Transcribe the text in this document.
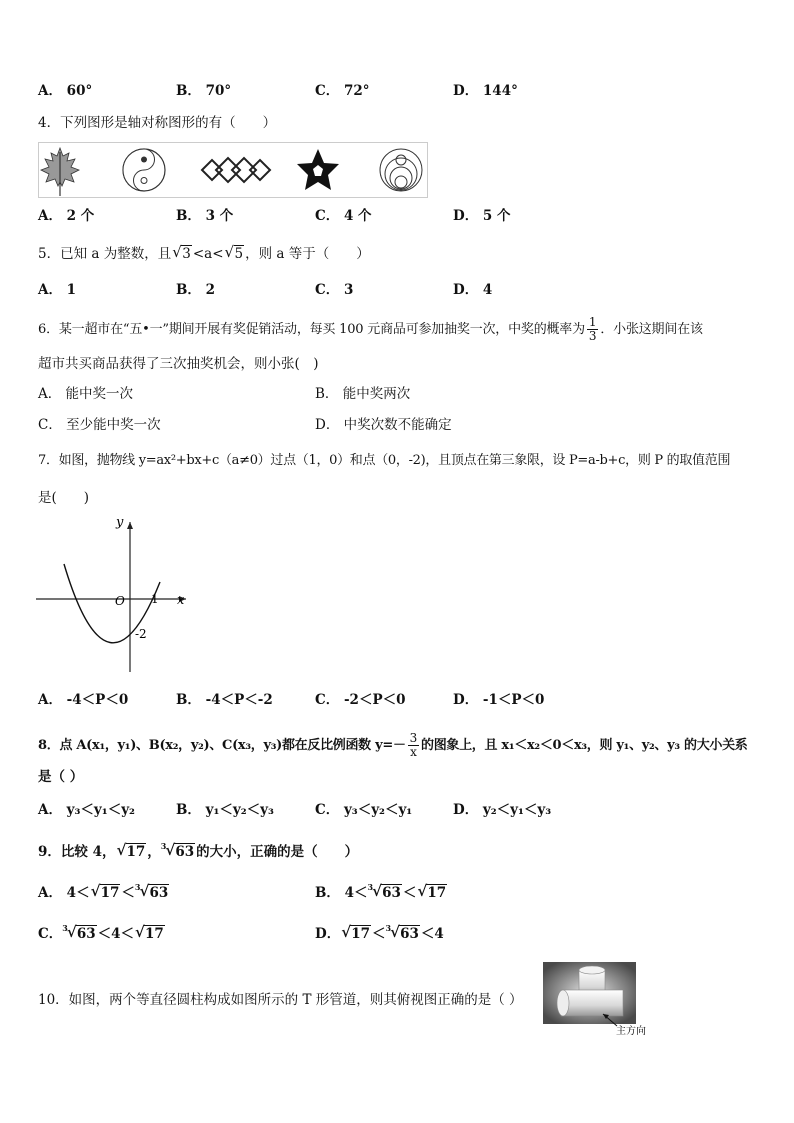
A． 60°	B． 70°	C． 72°	D． 144°
4．下列图形是轴对称图形的有（　　）
A． 2 个	B． 3 个	C． 4 个	D． 5 个
5．已知 a 为整数，且 √ 3 <a< √ 5 ，则 a 等于（　　）
A． 1	B． 2	C． 3	D． 4
6．某一超市在“五•一”期间开展有奖促销活动，每买 100 元商品可参加抽奖一次，中奖的概率为 $\frac{1}{3}$ ．小张这期间在该
超市共买商品获得了三次抽奖机会，则小张(　)
A． 能中奖一次	B． 能中奖两次
C． 至少能中奖一次	D． 中奖次数不能确定
7．如图，抛物线 y=ax²+bx+c（a≠0）过点（1，0）和点（0，-2)，且顶点在第三象限，设 P=a-b+c，则 P 的取值范围
是(　　)
y
x
O 1
-2
A． -4＜P＜0	B． -4＜P＜-2	C． -2＜P＜0	D． -1＜P＜0
8．点 A(x₁，y₁)、B(x₂，y₂)、C(x₃，y₃)都在反比例函数 $y=- \frac{3}{x}$ 的图象上，且 x₁＜x₂＜0＜x₃，则 y₁、y₂、y₃ 的大小关系
是（ ）
A． y₃＜y₁＜y₂	B． y₁＜y₂＜y₃	C． y₃＜y₂＜y₁	D． y₂＜y₁＜y₃
9．比较 4， √ 17 ，$^3$ √ 63 的大小，正确的是（　　）
A． 4＜ √ 17 ＜$^3$ √ 63	B． 4＜$^3$ √ 63 ＜ √ 17
C．$^3$ √ 63 ＜4＜ √ 17	D． √ 17 ＜$^3$ √ 63 ＜4
10．如图，两个等直径圆柱构成如图所示的 T 形管道，则其俯视图正确的是（ ）
主方向
